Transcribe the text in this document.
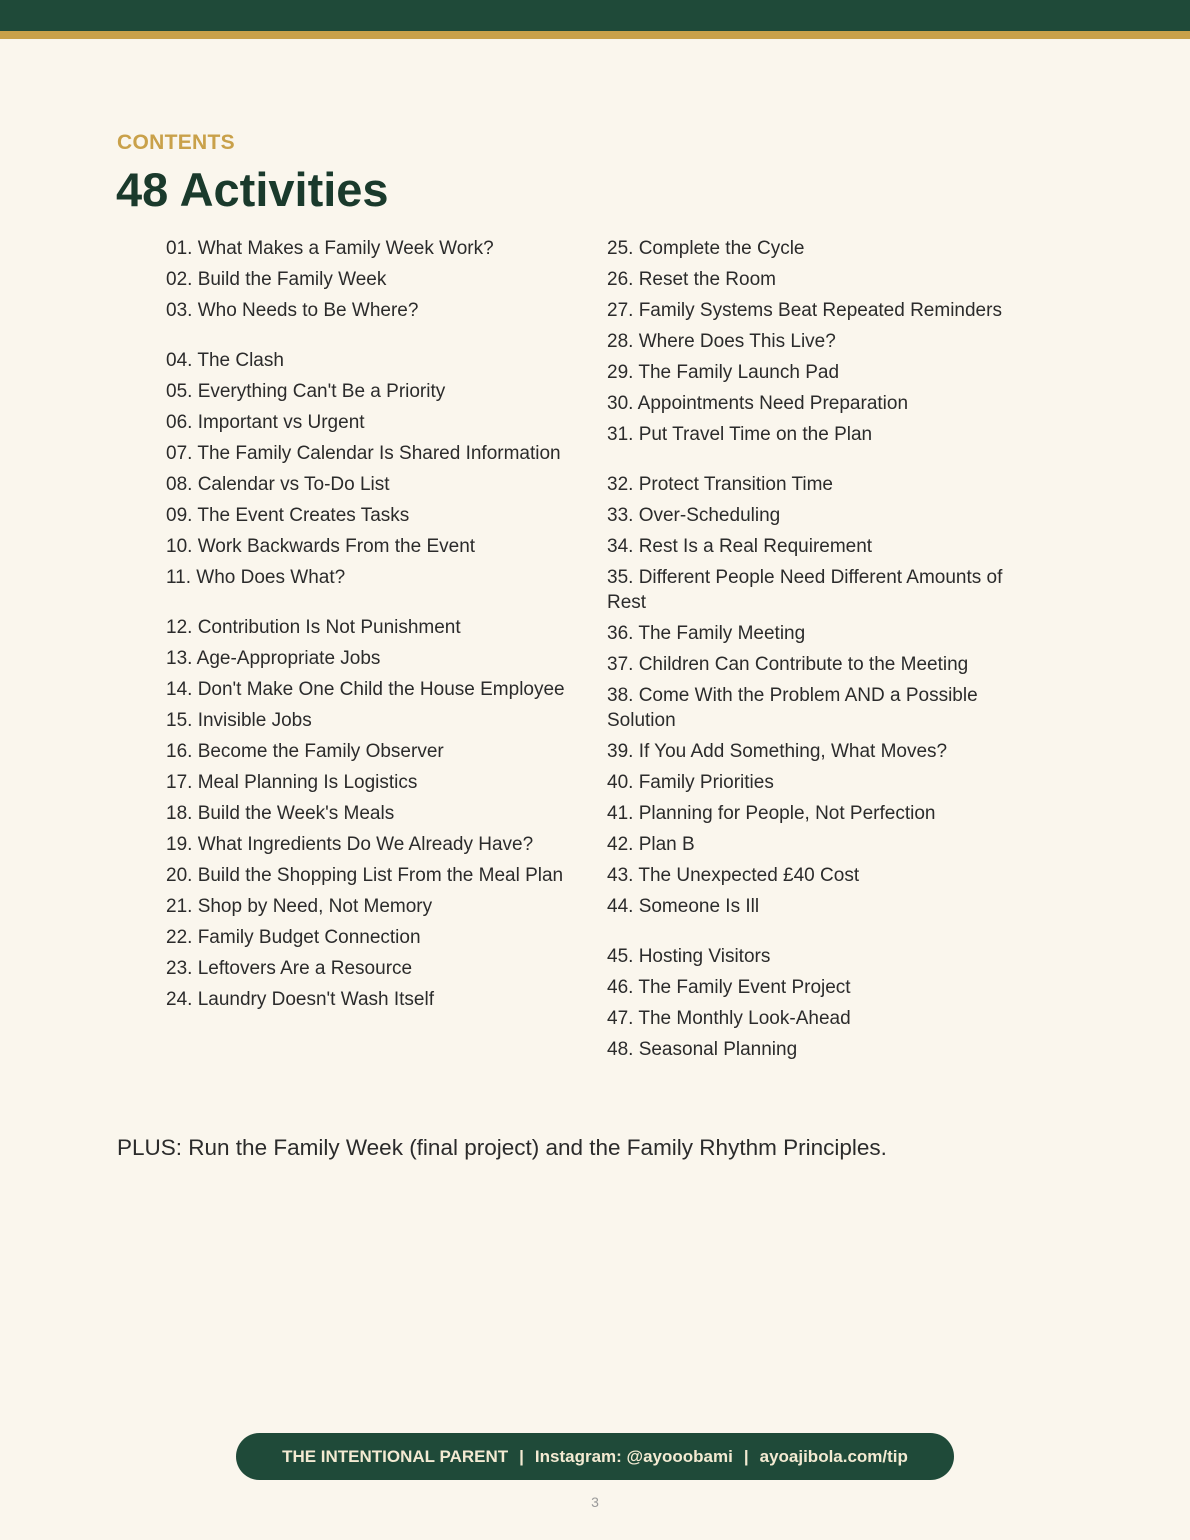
CONTENTS

48 Activities
01. What Makes a Family Week Work?
02. Build the Family Week
03. Who Needs to Be Where?
04. The Clash
05. Everything Can't Be a Priority
06. Important vs Urgent
07. The Family Calendar Is Shared Information
08. Calendar vs To-Do List
09. The Event Creates Tasks
10. Work Backwards From the Event
11. Who Does What?
12. Contribution Is Not Punishment
13. Age-Appropriate Jobs
14. Don't Make One Child the House Employee
15. Invisible Jobs
16. Become the Family Observer
17. Meal Planning Is Logistics
18. Build the Week's Meals
19. What Ingredients Do We Already Have?
20. Build the Shopping List From the Meal Plan
21. Shop by Need, Not Memory
22. Family Budget Connection
23. Leftovers Are a Resource
24. Laundry Doesn't Wash Itself
25. Complete the Cycle
26. Reset the Room
27. Family Systems Beat Repeated Reminders
28. Where Does This Live?
29. The Family Launch Pad
30. Appointments Need Preparation
31. Put Travel Time on the Plan
32. Protect Transition Time
33. Over-Scheduling
34. Rest Is a Real Requirement
35. Different People Need Different Amounts of Rest
36. The Family Meeting
37. Children Can Contribute to the Meeting
38. Come With the Problem AND a Possible Solution
39. If You Add Something, What Moves?
40. Family Priorities
41. Planning for People, Not Perfection
42. Plan B
43. The Unexpected £40 Cost
44. Someone Is Ill
45. Hosting Visitors
46. The Family Event Project
47. The Monthly Look-Ahead
48. Seasonal Planning

PLUS: Run the Family Week (final project) and the Family Rhythm Principles.

THE INTENTIONAL PARENT | Instagram: @ayooobami | ayoajibola.com/tip
3
